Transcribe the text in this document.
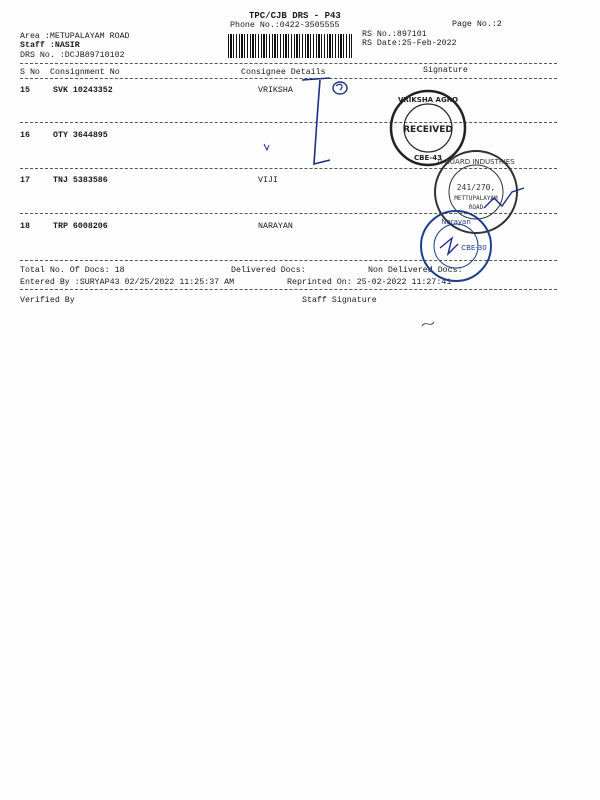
TPC/CJB DRS - P43
Phone No.:0422-3505555	Page No.:2
Area :METUPALAYAM ROAD
Staff :NASIR
DRS No. :DCJB89710102
RS No.:897101
RS Date:25-Feb-2022
S No Consignment No	Consignee Details	Signature
15	SVK 10243352	VRIKSHA
16	OTY 3644895
17	TNJ 5383586	VIJI
18	TRP 6008206	NARAYAN
Total No. Of Docs: 18	Delivered Docs:	Non Delivered Docs:
Entered By :SURYAP43 02/25/2022 11:25:37 AM	Reprinted On: 25-02-2022 11:27:41
Verified By	Staff Signature
VRIKSHA AGRO
RECEIVED
CBE-43
V-GUARD INDUSTRIES
241/270,
METTUPALAYAM
ROAD
Narayan
CBE-30
